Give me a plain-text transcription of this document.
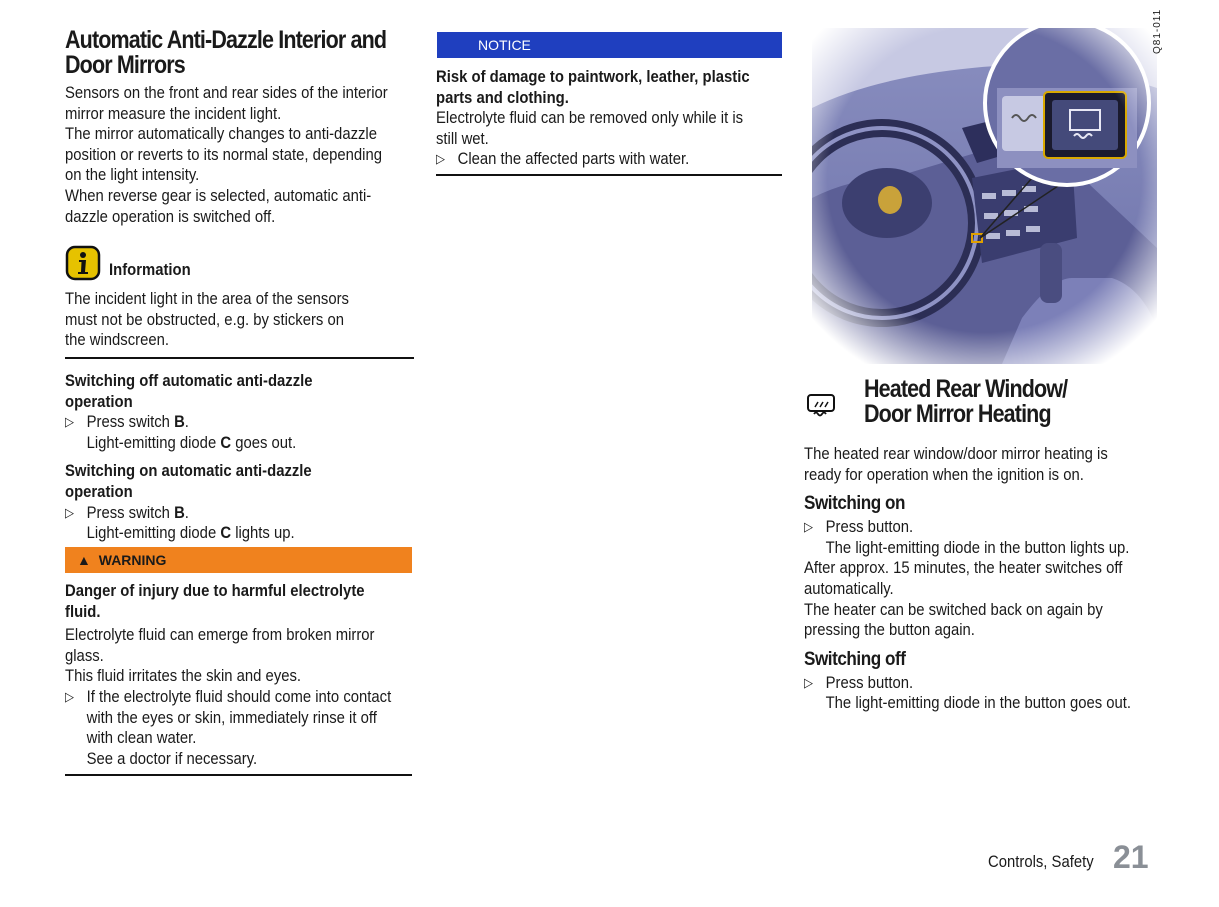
Automatic Anti-Dazzle Interior and
Door Mirrors
Sensors on the front and rear sides of the interior
mirror measure the incident light.
The mirror automatically changes to anti-dazzle
position or reverts to its normal state, depending
on the light intensity.
When reverse gear is selected, automatic anti-
dazzle operation is switched off.
Information
The incident light in the area of the sensors
must not be obstructed, e.g. by stickers on
the windscreen.
Switching off automatic anti-dazzle
operation
▷ Press switch B.
Light-emitting diode C goes out.
Switching on automatic anti-dazzle
operation
▷ Press switch B.
Light-emitting diode C lights up.
▲ WARNING
Danger of injury due to harmful electrolyte
fluid.
Electrolyte fluid can emerge from broken mirror
glass.
This fluid irritates the skin and eyes.
▷ If the electrolyte fluid should come into contact
with the eyes or skin, immediately rinse it off
with clean water.
See a doctor if necessary.
NOTICE
Risk of damage to paintwork, leather, plastic
parts and clothing.
Electrolyte fluid can be removed only while it is
still wet.
▷ Clean the affected parts with water.
Q81-011
Heated Rear Window/
Door Mirror Heating
The heated rear window/door mirror heating is
ready for operation when the ignition is on.
Switching on
▷ Press button.
The light-emitting diode in the button lights up.
After approx. 15 minutes, the heater switches off
automatically.
The heater can be switched back on again by
pressing the button again.
Switching off
▷ Press button.
The light-emitting diode in the button goes out.
Controls, Safety 21
